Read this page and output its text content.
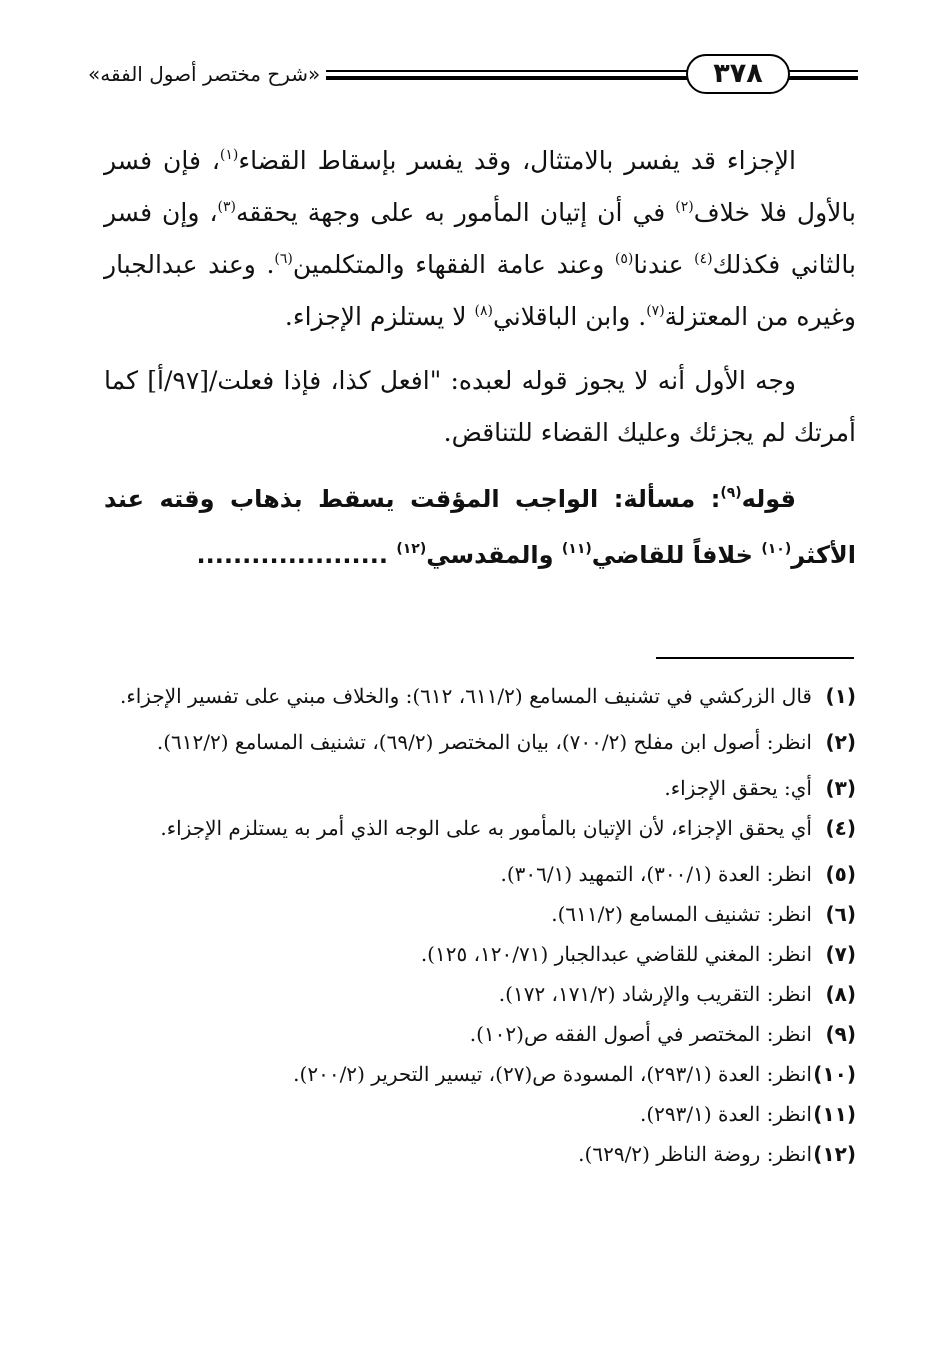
«شرح مختصر أصول الفقه»	٣٧٨

الإجزاء قد يفسر بالامتثال، وقد يفسر بإسقاط القضاء$^{(١)}$، فإن فسر بالأول فلا خلاف$^{(٢)}$ في أن إتيان المأمور به على وجهة يحققه$^{(٣)}$، وإن فسر بالثاني فكذلك$^{(٤)}$ عندنا$^{(٥)}$ وعند عامة الفقهاء والمتكلمين$^{(٦)}$. وعند عبدالجبار وغيره من المعتزلة$^{(٧)}$. وابن الباقلاني$^{(٨)}$ لا يستلزم الإجزاء.

وجه الأول أنه لا يجوز قوله لعبده: "افعل كذا، فإذا فعلت/[٩٧/أ] كما أمرتك لم يجزئك وعليك القضاء للتناقض.

قوله$^{(٩)}$: مسألة: الواجب المؤقت يسقط بذهاب وقته عند الأكثر$^{(١٠)}$ خلافاً للقاضي$^{(١١)}$ والمقدسي$^{(١٢)}$ .....................

(١)
قال الزركشي في تشنيف المسامع (٦١١/٢، ٦١٢): والخلاف مبني على تفسير الإجزاء.

(٢)
انظر: أصول ابن مفلح (٧٠٠/٢)، بيان المختصر (٦٩/٢)، تشنيف المسامع (٦١٢/٢).

(٣)
أي: يحقق الإجزاء.

(٤)
أي يحقق الإجزاء، لأن الإتيان بالمأمور به على الوجه الذي أمر به يستلزم الإجزاء.

(٥)
انظر: العدة (٣٠٠/١)، التمهيد (٣٠٦/١).

(٦)
انظر: تشنيف المسامع (٦١١/٢).

(٧)
انظر: المغني للقاضي عبدالجبار (١٢٠/٧١، ١٢٥).

(٨)
انظر: التقريب والإرشاد (١٧١/٢، ١٧٢).

(٩)
انظر: المختصر في أصول الفقه ص(١٠٢).

(١٠)
انظر: العدة (٢٩٣/١)، المسودة ص(٢٧)، تيسير التحرير (٢٠٠/٢).

(١١)
انظر: العدة (٢٩٣/١).

(١٢)
انظر: روضة الناظر (٦٢٩/٢).
